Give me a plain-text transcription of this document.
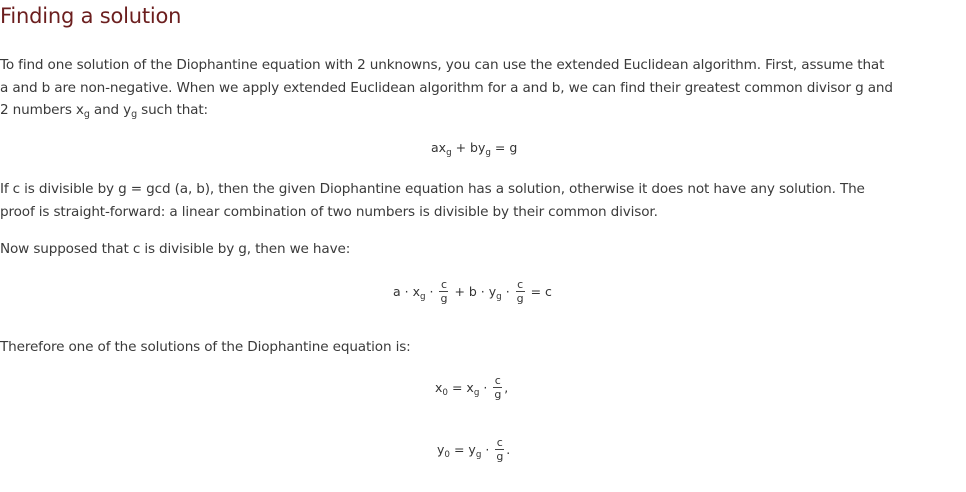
Finding a solution

To find one solution of the Diophantine equation with 2 unknowns, you can use the extended Euclidean algorithm. First, assume that
a and b are non-negative. When we apply extended Euclidean algorithm for a and b, we can find their greatest common divisor g and
2 numbers $x_g$ and $y_g$ such that:

$ax_g + by_g = g$

If c is divisible by g = gcd (a, b), then the given Diophantine equation has a solution, otherwise it does not have any solution. The
proof is straight-forward: a linear combination of two numbers is divisible by their common divisor.

Now supposed that c is divisible by g, then we have:

$a \cdot x_g \cdot \frac{c}{g} + b \cdot y_g \cdot \frac{c}{g} = c$

Therefore one of the solutions of the Diophantine equation is:

$x_0 = x_g \cdot \frac{c}{g}$ ,
$y_0 = y_g \cdot \frac{c}{g}$ .
